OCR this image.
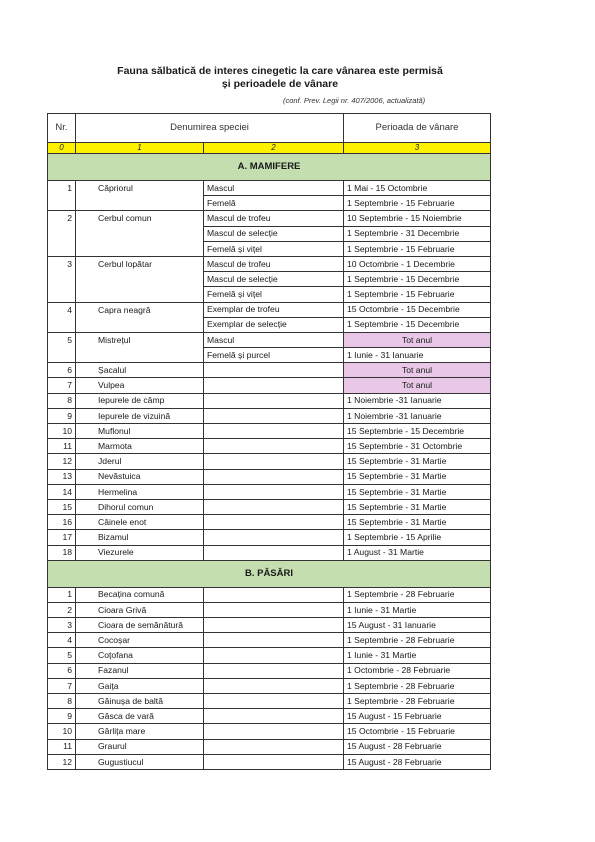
Fauna sălbatică de interes cinegetic la care vânarea este permisă
și perioadele de vânare
(conf. Prev. Legii nr. 407/2006, actualizată)
Nr.	Denumirea speciei		Perioada de vânare
0	1	2	3
A. MAMIFERE			
1	Căpriorul	Mascul	1 Mai - 15 Octombrie
		Femelă	1 Septembrie - 15 Februarie
2	Cerbul comun	Mascul de trofeu	10 Septembrie - 15 Noiembrie
		Mascul de selecție	1 Septembrie - 31 Decembrie
		Femelă și vițel	1 Septembrie - 15 Februarie
3	Cerbul lopătar	Mascul de trofeu	10 Octombrie - 1 Decembrie
		Mascul de selecție	1 Septembrie - 15 Decembrie
		Femelă și vițel	1 Septembrie - 15 Februarie
4	Capra neagră	Exemplar de trofeu	15 Octombrie - 15 Decembrie
		Exemplar de selecție	1 Septembrie - 15 Decembrie
5	Mistrețul	Mascul	Tot anul
		Femelă și purcel	1 Iunie - 31 Ianuarie
6	Șacalul		Tot anul
7	Vulpea		Tot anul
8	Iepurele de câmp		1 Noiembrie -31 Ianuarie
9	Iepurele de vizuină		1 Noiembrie -31 Ianuarie
10	Muflonul		15 Septembrie - 15 Decembrie
11	Marmota		15 Septembrie - 31 Octombrie
12	Jderul		15 Septembrie - 31 Martie
13	Nevăstuica		15 Septembrie - 31 Martie
14	Hermelina		15 Septembrie - 31 Martie
15	Dihorul comun		15 Septembrie - 31 Martie
16	Câinele enot		15 Septembrie - 31 Martie
17	Bizamul		1 Septembrie - 15 Aprilie
18	Viezurele		1 August - 31 Martie
B. PĂSĂRI			
1	Becațina comună		1 Septembrie - 28 Februarie
2	Cioara Grivă		1 Iunie - 31 Martie
3	Cioara de semănătură		15 August - 31 Ianuarie
4	Cocoșar		1 Septembrie - 28 Februarie
5	Coțofana		1 Iunie - 31 Martie
6	Fazanul		1 Octombrie - 28 Februarie
7	Gaița		1 Septembrie - 28 Februarie
8	Găinușa de baltă		1 Septembrie - 28 Februarie
9	Gâsca de vară		15 August - 15 Februarie
10	Gârlița mare		15 Octombrie - 15 Februarie
11	Graurul		15 August - 28 Februarie
12	Gugustiucul		15 August - 28 Februarie
